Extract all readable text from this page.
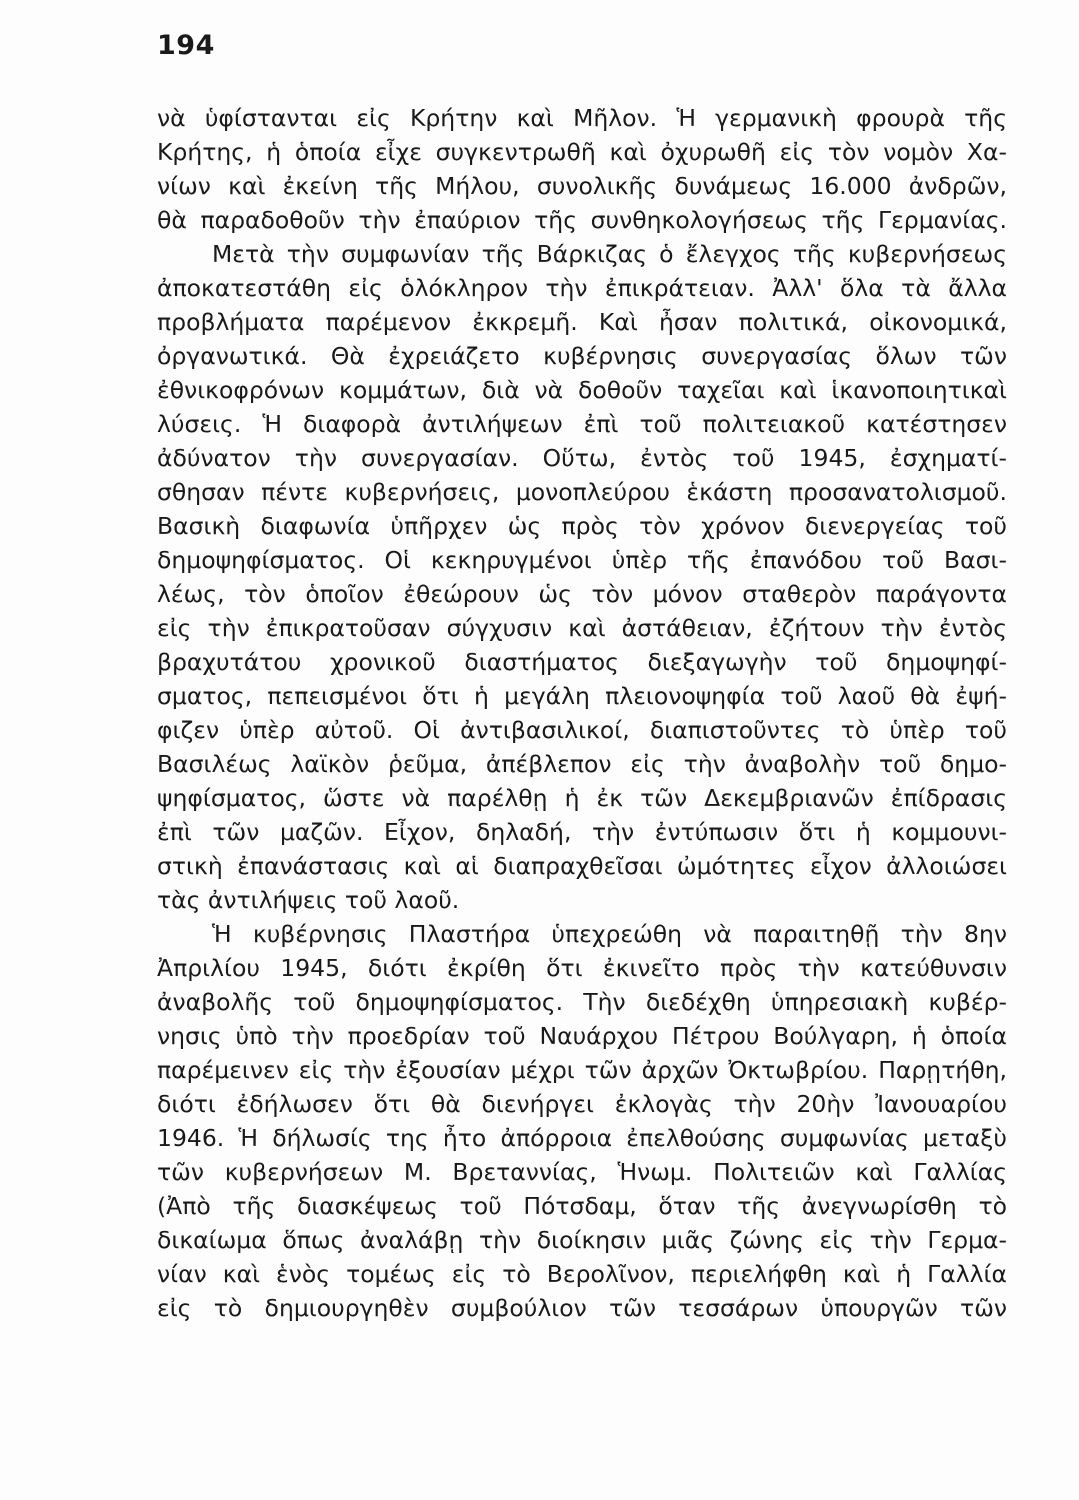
194
νὰ ὑφίστανται εἰς Κρήτην καὶ Μῆλον. Ἡ γερμανικὴ φρουρὰ τῆς
Κρήτης, ἡ ὁποία εἶχε συγκεντρωθῆ καὶ ὀχυρωθῆ εἰς τὸν νομὸν Χα-
νίων καὶ ἐκείνη τῆς Μήλου, συνολικῆς δυνάμεως 16.000 ἀνδρῶν,
θὰ παραδοθοῦν τὴν ἐπαύριον τῆς συνθηκολογήσεως τῆς Γερμανίας.
Μετὰ τὴν συμφωνίαν τῆς Βάρκιζας ὁ ἔλεγχος τῆς κυβερνήσεως
ἀποκατεστάθη εἰς ὁλόκληρον τὴν ἐπικράτειαν. Ἀλλ' ὅλα τὰ ἄλλα
προβλήματα παρέμενον ἐκκρεμῆ. Καὶ ἦσαν πολιτικά, οἰκονομικά,
ὀργανωτικά. Θὰ ἐχρειάζετο κυβέρνησις συνεργασίας ὅλων τῶν
ἐθνικοφρόνων κομμάτων, διὰ νὰ δοθοῦν ταχεῖαι καὶ ἱκανοποιητικαὶ
λύσεις. Ἡ διαφορὰ ἀντιλήψεων ἐπὶ τοῦ πολιτειακοῦ κατέστησεν
ἀδύνατον τὴν συνεργασίαν. Οὕτω, ἐντὸς τοῦ 1945, ἐσχηματί-
σθησαν πέντε κυβερνήσεις, μονοπλεύρου ἑκάστη προσανατολισμοῦ.
Βασικὴ διαφωνία ὑπῆρχεν ὡς πρὸς τὸν χρόνον διενεργείας τοῦ
δημοψηφίσματος. Οἱ κεκηρυγμένοι ὑπὲρ τῆς ἐπανόδου τοῦ Βασι-
λέως, τὸν ὁποῖον ἐθεώρουν ὡς τὸν μόνον σταθερὸν παράγοντα
εἰς τὴν ἐπικρατοῦσαν σύγχυσιν καὶ ἀστάθειαν, ἐζήτουν τὴν ἐντὸς
βραχυτάτου χρονικοῦ διαστήματος διεξαγωγὴν τοῦ δημοψηφί-
σματος, πεπεισμένοι ὅτι ἡ μεγάλη πλειονοψηφία τοῦ λαοῦ θὰ ἐψή-
φιζεν ὑπὲρ αὐτοῦ. Οἱ ἀντιβασιλικοί, διαπιστοῦντες τὸ ὑπὲρ τοῦ
Βασιλέως λαϊκὸν ῥεῦμα, ἀπέβλεπον εἰς τὴν ἀναβολὴν τοῦ δημο-
ψηφίσματος, ὥστε νὰ παρέλθῃ ἡ ἐκ τῶν Δεκεμβριανῶν ἐπίδρασις
ἐπὶ τῶν μαζῶν. Εἶχον, δηλαδή, τὴν ἐντύπωσιν ὅτι ἡ κομμουνι-
στικὴ ἐπανάστασις καὶ αἱ διαπραχθεῖσαι ὠμότητες εἶχον ἀλλοιώσει
τὰς ἀντιλήψεις τοῦ λαοῦ.
Ἡ κυβέρνησις Πλαστήρα ὑπεχρεώθη νὰ παραιτηθῇ τὴν 8ην
Ἀπριλίου 1945, διότι ἐκρίθη ὅτι ἐκινεῖτο πρὸς τὴν κατεύθυνσιν
ἀναβολῆς τοῦ δημοψηφίσματος. Τὴν διεδέχθη ὑπηρεσιακὴ κυβέρ-
νησις ὑπὸ τὴν προεδρίαν τοῦ Ναυάρχου Πέτρου Βούλγαρη, ἡ ὁποία
παρέμεινεν εἰς τὴν ἐξουσίαν μέχρι τῶν ἀρχῶν Ὀκτωβρίου. Παρῃτήθη,
διότι ἐδήλωσεν ὅτι θὰ διενήργει ἐκλογὰς τὴν 20ὴν Ἰανουαρίου
1946. Ἡ δήλωσίς της ἦτο ἀπόρροια ἐπελθούσης συμφωνίας μεταξὺ
τῶν κυβερνήσεων Μ. Βρεταννίας, Ἡνωμ. Πολιτειῶν καὶ Γαλλίας
(Ἀπὸ τῆς διασκέψεως τοῦ Πότσδαμ, ὅταν τῆς ἀνεγνωρίσθη τὸ
δικαίωμα ὅπως ἀναλάβῃ τὴν διοίκησιν μιᾶς ζώνης εἰς τὴν Γερμα-
νίαν καὶ ἑνὸς τομέως εἰς τὸ Βερολῖνον, περιελήφθη καὶ ἡ Γαλλία
εἰς τὸ δημιουργηθὲν συμβούλιον τῶν τεσσάρων ὑπουργῶν τῶν
